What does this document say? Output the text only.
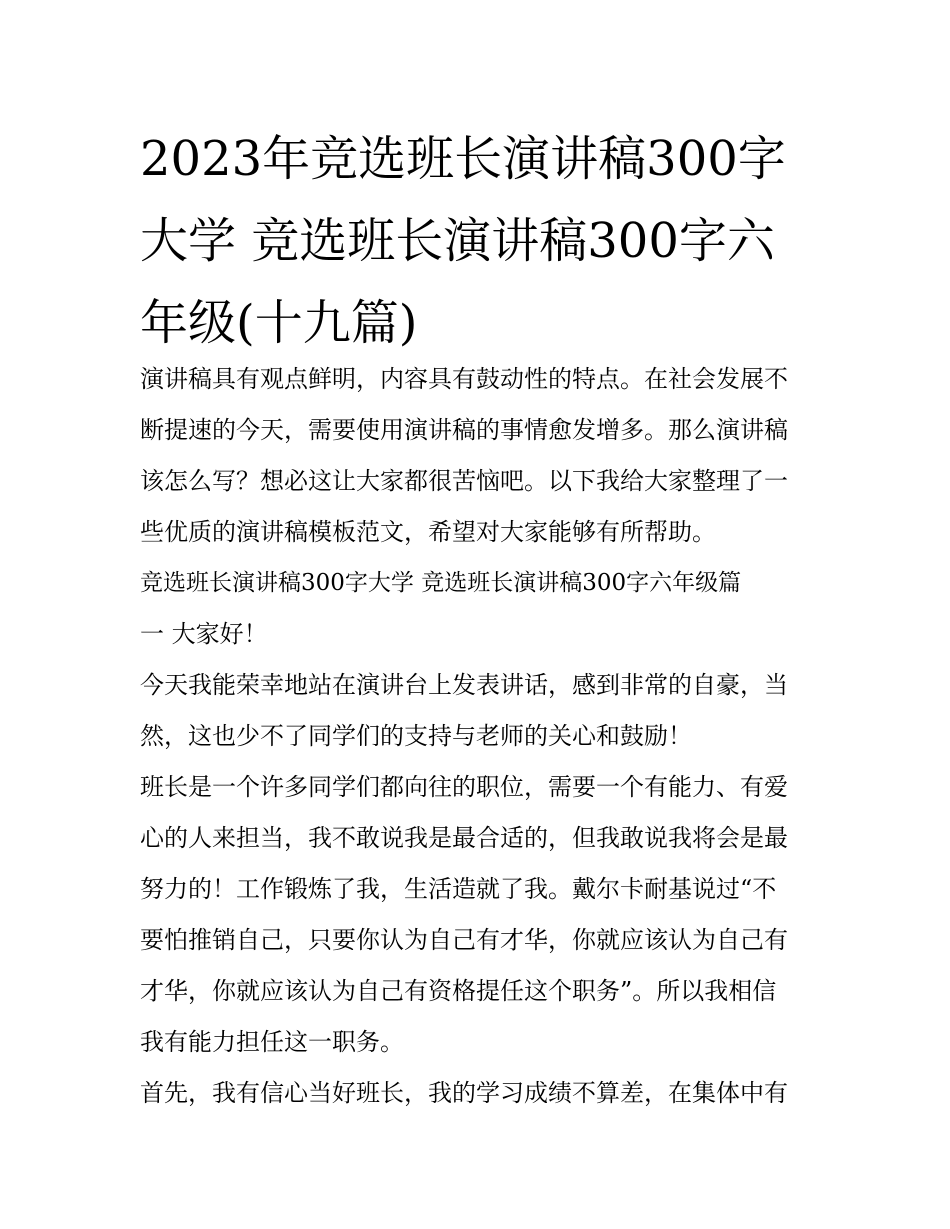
2023年竞选班长演讲稿300字
大学 竞选班长演讲稿300字六
年级(十九篇)
演讲稿具有观点鲜明，内容具有鼓动性的特点。在社会发展不
断提速的今天，需要使用演讲稿的事情愈发增多。那么演讲稿
该怎么写？想必这让大家都很苦恼吧。以下我给大家整理了一
些优质的演讲稿模板范文，希望对大家能够有所帮助。
竞选班长演讲稿300字大学 竞选班长演讲稿300字六年级篇
一 大家好！
今天我能荣幸地站在演讲台上发表讲话，感到非常的自豪，当
然，这也少不了同学们的支持与老师的关心和鼓励！
班长是一个许多同学们都向往的职位，需要一个有能力、有爱
心的人来担当，我不敢说我是最合适的，但我敢说我将会是最
努力的！工作锻炼了我，生活造就了我。戴尔卡耐基说过“不
要怕推销自己，只要你认为自己有才华，你就应该认为自己有
才华，你就应该认为自己有资格提任这个职务”。所以我相信
我有能力担任这一职务。
首先，我有信心当好班长，我的学习成绩不算差，在集体中有
